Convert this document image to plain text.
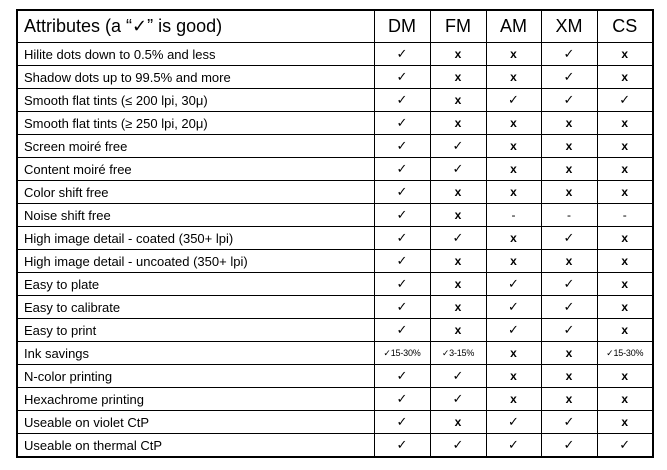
Attributes (a “✓” is good)	DM	FM	AM	XM	CS
Hilite dots down to 0.5% and less	✓	x	x	✓	x
Shadow dots up to 99.5% and more	✓	x	x	✓	x
Smooth flat tints (≤ 200 lpi, 30μ)	✓	x	✓	✓	✓
Smooth flat tints (≥ 250 lpi, 20μ)	✓	x	x	x	x
Screen moiré free	✓	✓	x	x	x
Content moiré free	✓	✓	x	x	x
Color shift free	✓	x	x	x	x
Noise shift free	✓	x	-	-	-
High image detail - coated (350+ lpi)	✓	✓	x	✓	x
High image detail - uncoated (350+ lpi)	✓	x	x	x	x
Easy to plate	✓	x	✓	✓	x
Easy to calibrate	✓	x	✓	✓	x
Easy to print	✓	x	✓	✓	x
Ink savings	✓15-30%	✓3-15%	x	x	✓15-30%
N-color printing	✓	✓	x	x	x
Hexachrome printing	✓	✓	x	x	x
Useable on violet CtP	✓	x	✓	✓	x
Useable on thermal CtP	✓	✓	✓	✓	✓
